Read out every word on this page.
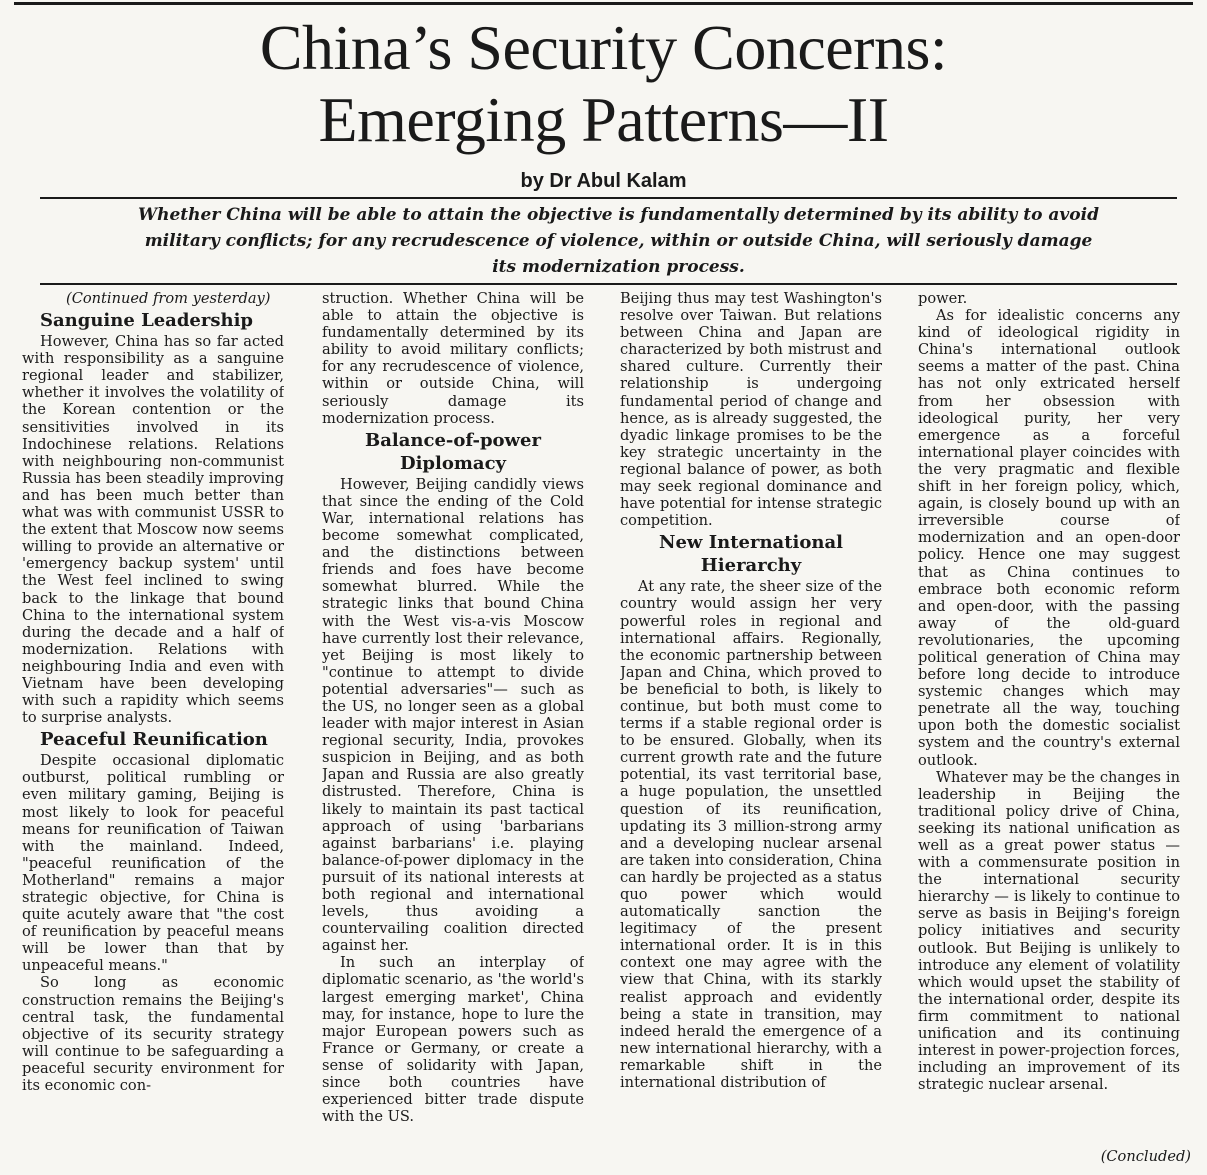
China’s Security Concerns:
Emerging Patterns—II
by Dr Abul Kalam
Whether China will be able to attain the objective is fundamentally determined by its ability to avoid
military conflicts; for any recrudescence of violence, within or outside China, will seriously damage
its modernization process.

(Continued from yesterday)

Sanguine Leadership

However, China has so far acted with responsibility as a sanguine regional leader and stabilizer, whether it involves the volatility of the Korean contention or the sensitivities involved in its Indochinese relations. Relations with neighbouring non-communist Russia has been steadily improving and has been much better than what was with communist USSR to the extent that Moscow now seems willing to provide an alternative or 'emergency backup system' until the West feel inclined to swing back to the linkage that bound China to the international system during the decade and a half of modernization. Relations with neighbouring India and even with Vietnam have been developing with such a rapidity which seems to surprise analysts.

Peaceful Reunification

Despite occasional diplomatic outburst, political rumbling or even military gaming, Beijing is most likely to look for peaceful means for reunification of Taiwan with the mainland. Indeed, "peaceful reunification of the Motherland" remains a major strategic objective, for China is quite acutely aware that "the cost of reunification by peaceful means will be lower than that by unpeaceful means."

So long as economic construction remains the Beijing's central task, the fundamental objective of its security strategy will continue to be safeguarding a peaceful security environment for its economic con-

struction. Whether China will be able to attain the objective is fundamentally determined by its ability to avoid military conflicts; for any recrudescence of violence, within or outside China, will seriously damage its modernization process.

Balance-of-power Diplomacy

However, Beijing candidly views that since the ending of the Cold War, international relations has become somewhat complicated, and the distinctions between friends and foes have become somewhat blurred. While the strategic links that bound China with the West vis-a-vis Moscow have currently lost their relevance, yet Beijing is most likely to "continue to attempt to divide potential adversaries"— such as the US, no longer seen as a global leader with major interest in Asian regional security, India, provokes suspicion in Beijing, and as both Japan and Russia are also greatly distrusted. Therefore, China is likely to maintain its past tactical approach of using 'barbarians against barbarians' i.e. playing balance-of-power diplomacy in the pursuit of its national interests at both regional and international levels, thus avoiding a countervailing coalition directed against her.

In such an interplay of diplomatic scenario, as 'the world's largest emerging market', China may, for instance, hope to lure the major European powers such as France or Germany, or create a sense of solidarity with Japan, since both countries have experienced bitter trade dispute with the US.

Beijing thus may test Washington's resolve over Taiwan. But relations between China and Japan are characterized by both mistrust and shared culture. Currently their relationship is undergoing fundamental period of change and hence, as is already suggested, the dyadic linkage promises to be the key strategic uncertainty in the regional balance of power, as both may seek regional dominance and have potential for intense strategic competition.

New International Hierarchy

At any rate, the sheer size of the country would assign her very powerful roles in regional and international affairs. Regionally, the economic partnership between Japan and China, which proved to be beneficial to both, is likely to continue, but both must come to terms if a stable regional order is to be ensured. Globally, when its current growth rate and the future potential, its vast territorial base, a huge population, the unsettled question of its reunification, updating its 3 million-strong army and a developing nuclear arsenal are taken into consideration, China can hardly be projected as a status quo power which would automatically sanction the legitimacy of the present international order. It is in this context one may agree with the view that China, with its starkly realist approach and evidently being a state in transition, may indeed herald the emergence of a new international hierarchy, with a remarkable shift in the international distribution of

power.

As for idealistic concerns any kind of ideological rigidity in China's international outlook seems a matter of the past. China has not only extricated herself from her obsession with ideological purity, her very emergence as a forceful international player coincides with the very pragmatic and flexible shift in her foreign policy, which, again, is closely bound up with an irreversible course of modernization and an open-door policy. Hence one may suggest that as China continues to embrace both economic reform and open-door, with the passing away of the old-guard revolutionaries, the upcoming political generation of China may before long decide to introduce systemic changes which may penetrate all the way, touching upon both the domestic socialist system and the country's external outlook.

Whatever may be the changes in leadership in Beijing the traditional policy drive of China, seeking its national unification as well as a great power status — with a commensurate position in the international security hierarchy — is likely to continue to serve as basis in Beijing's foreign policy initiatives and security outlook. But Beijing is unlikely to introduce any element of volatility which would upset the stability of the international order, despite its firm commitment to national unification and its continuing interest in power-projection forces, including an improvement of its strategic nuclear arsenal.

(Concluded)
